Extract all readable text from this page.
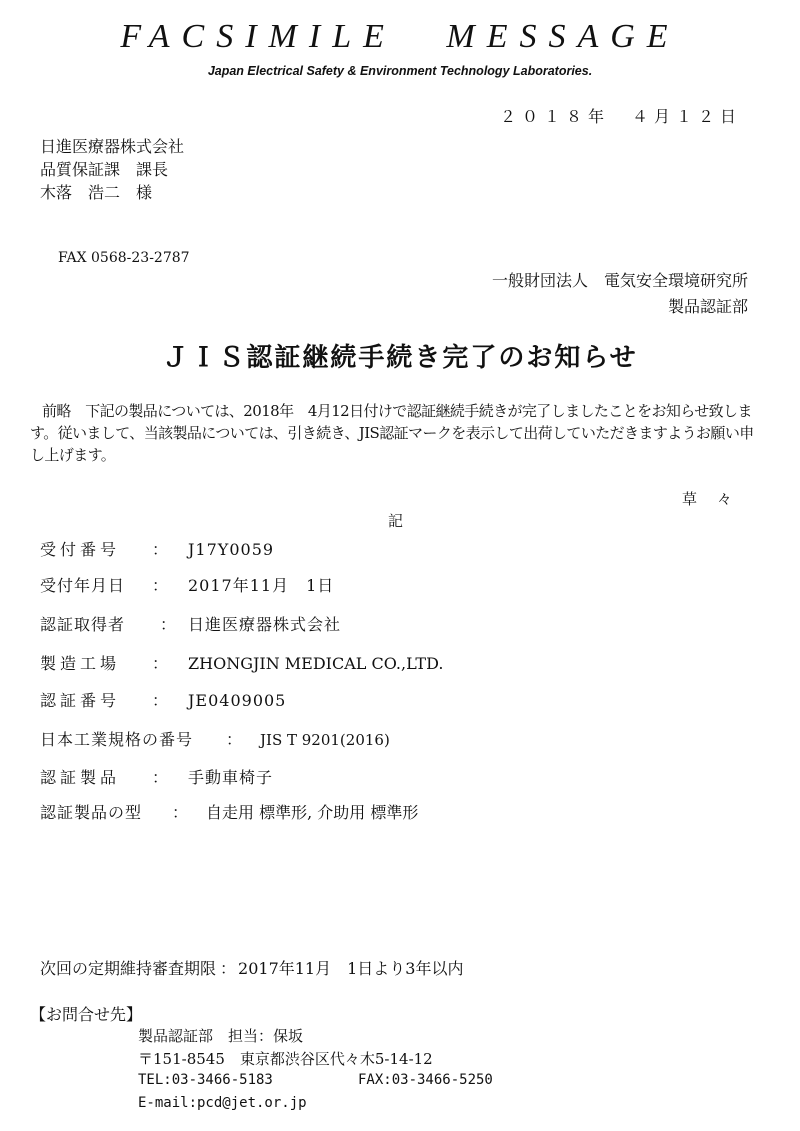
FACSIMILE MESSAGE
Japan Electrical Safety & Environment Technology Laboratories.
２０１８年　４月１２日
日進医療器株式会社
品質保証課　課長
木落　浩二　様
FAX 0568-23-2787
一般財団法人　電気安全環境研究所
製品認証部
ＪＩＳ認証継続手続き完了のお知らせ

前略　下記の製品については、2018年　4月12日付けで認証継続手続きが完了しましたことをお知らせ致します。従いまして、当該製品については、引き続き、JIS認証マークを表示して出荷していただきますようお願い申し上げます。

草々
記
受付番号 ： J17Y0059
受付年月日 ： 2017年11月　1日
認証取得者 ： 日進医療器株式会社
製造工場 ： ZHONGJIN MEDICAL CO.,LTD.
認証番号 ： JE0409005
日本工業規格の番号 ： JIS T 9201(2016)
認証製品 ： 手動車椅子
認証製品の型 ： 自走用 標準形, 介助用 標準形
次回の定期維持審査期限 ： 2017年11月　1日より3年以内
【お問合せ先】
製品認証部　担当：保坂
〒151-8545　東京都渋谷区代々木5-14-12
TEL:03-3466-5183	FAX:03-3466-5250
E-mail:pcd@jet.or.jp
